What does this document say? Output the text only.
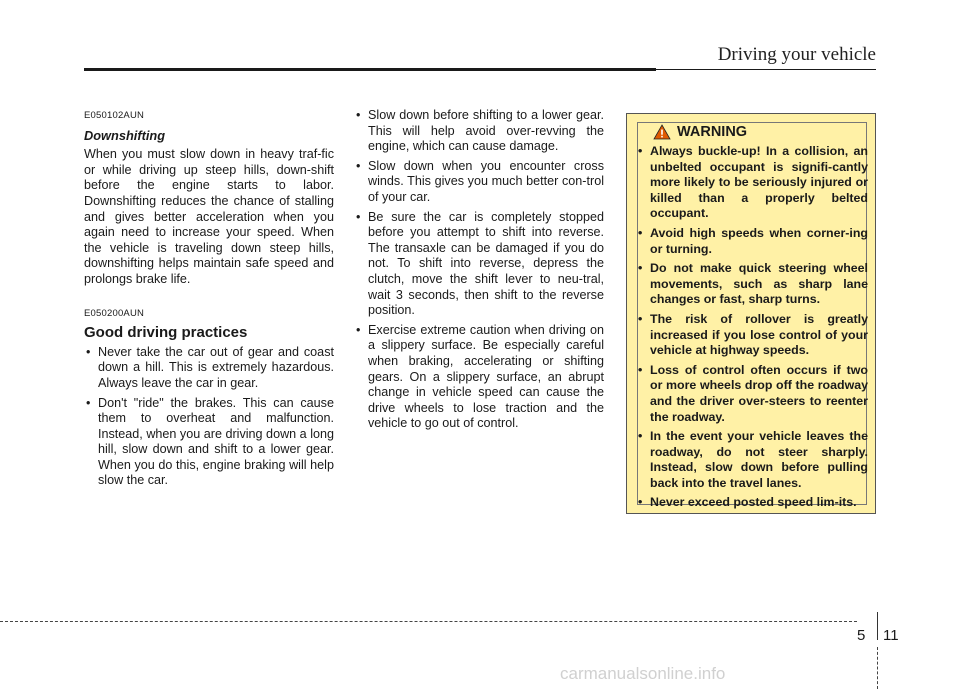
Driving your vehicle
E050102AUN
Downshifting

When you must slow down in heavy traf-fic or while driving up steep hills, down-shift before the engine starts to labor. Downshifting reduces the chance of stalling and gives better acceleration when you again need to increase your speed. When the vehicle is traveling down steep hills, downshifting helps maintain safe speed and prolongs brake life.

E050200AUN
Good driving practices
• Never take the car out of gear and coast down a hill. This is extremely hazardous. Always leave the car in gear.
• Don't "ride" the brakes. This can cause them to overheat and malfunction. Instead, when you are driving down a long hill, slow down and shift to a lower gear. When you do this, engine braking will help slow the car.
• Slow down before shifting to a lower gear. This will help avoid over-revving the engine, which can cause damage.
• Slow down when you encounter cross winds. This gives you much better con-trol of your car.
• Be sure the car is completely stopped before you attempt to shift into reverse. The transaxle can be damaged if you do not. To shift into reverse, depress the clutch, move the shift lever to neu-tral, wait 3 seconds, then shift to the reverse position.
• Exercise extreme caution when driving on a slippery surface. Be especially careful when braking, accelerating or shifting gears. On a slippery surface, an abrupt change in vehicle speed can cause the drive wheels to lose traction and the vehicle to go out of control.
WARNING
• Always buckle-up! In a collision, an unbelted occupant is signifi-cantly more likely to be seriously injured or killed than a properly belted occupant.
• Avoid high speeds when corner-ing or turning.
• Do not make quick steering wheel movements, such as sharp lane changes or fast, sharp turns.
• The risk of rollover is greatly increased if you lose control of your vehicle at highway speeds.
• Loss of control often occurs if two or more wheels drop off the roadway and the driver over-steers to reenter the roadway.
• In the event your vehicle leaves the roadway, do not steer sharply. Instead, slow down before pulling back into the travel lanes.
• Never exceed posted speed lim-its.
5 11
carmanualsonline.info
